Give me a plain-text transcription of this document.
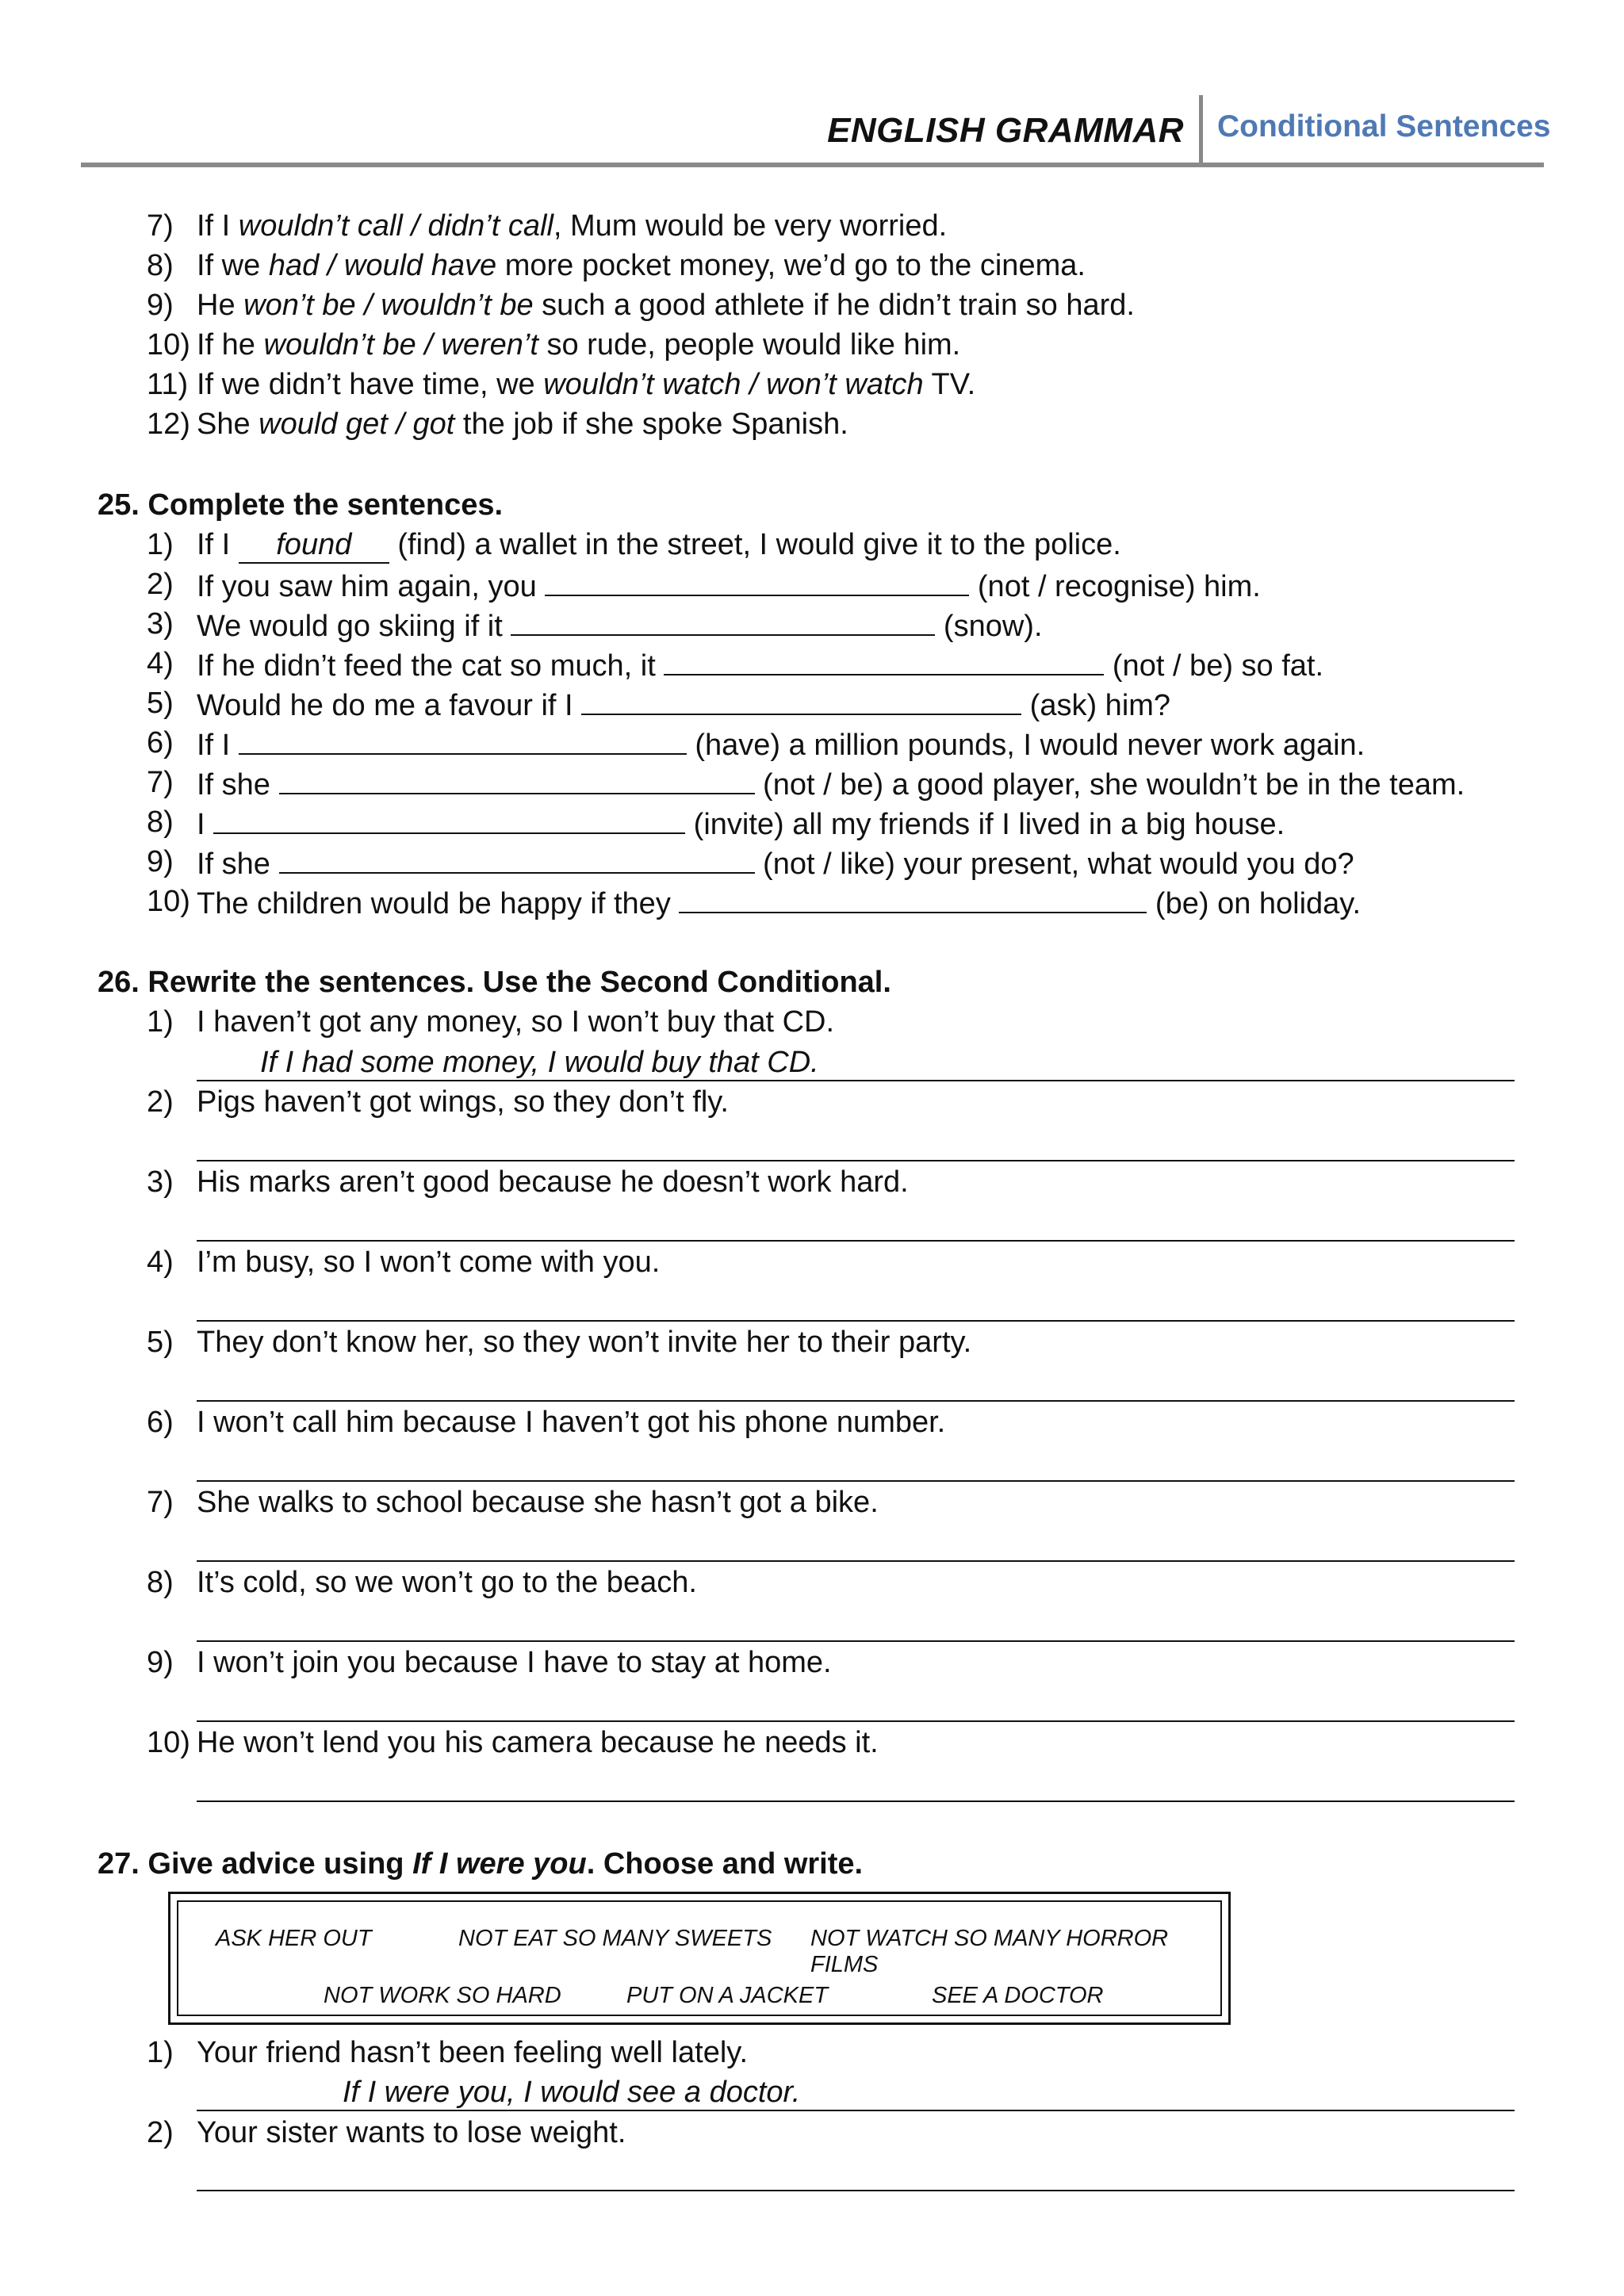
ENGLISH GRAMMAR Conditional Sentences
7) If I wouldn’t call / didn’t call, Mum would be very worried.
8) If we had / would have more pocket money, we’d go to the cinema.
9) He won’t be / wouldn’t be such a good athlete if he didn’t train so hard.
10) If he wouldn’t be / weren’t so rude, people would like him.
11) If we didn’t have time, we wouldn’t watch / won’t watch TV.
12) She would get / got the job if she spoke Spanish.
25. Complete the sentences.
1) If I found (find) a wallet in the street, I would give it to the police.
2) If you saw him again, you	(not / recognise) him.
3) We would go skiing if it	(snow).
4) If he didn’t feed the cat so much, it	(not / be) so fat.
5) Would he do me a favour if I	(ask) him?
6) If I	(have) a million pounds, I would never work again.
7) If she	(not / be) a good player, she wouldn’t be in the team.
8) I	(invite) all my friends if I lived in a big house.
9) If she	(not / like) your present, what would you do?
10) The children would be happy if they	(be) on holiday.
26. Rewrite the sentences. Use the Second Conditional.
1) I haven’t got any money, so I won’t buy that CD.
If I had some money, I would buy that CD.
2) Pigs haven’t got wings, so they don’t fly.
3) His marks aren’t good because he doesn’t work hard.
4) I’m busy, so I won’t come with you.
5) They don’t know her, so they won’t invite her to their party.
6) I won’t call him because I haven’t got his phone number.
7) She walks to school because she hasn’t got a bike.
8) It’s cold, so we won’t go to the beach.
9) I won’t join you because I have to stay at home.
10) He won’t lend you his camera because he needs it.
27. Give advice using If I were you. Choose and write.
ASK HER OUT	NOT EAT SO MANY SWEETS NOT WATCH SO MANY HORROR FILMS
NOT WORK SO HARD	PUT ON A JACKET	SEE A DOCTOR
1) Your friend hasn’t been feeling well lately.
If I were you, I would see a doctor.
2) Your sister wants to lose weight.
